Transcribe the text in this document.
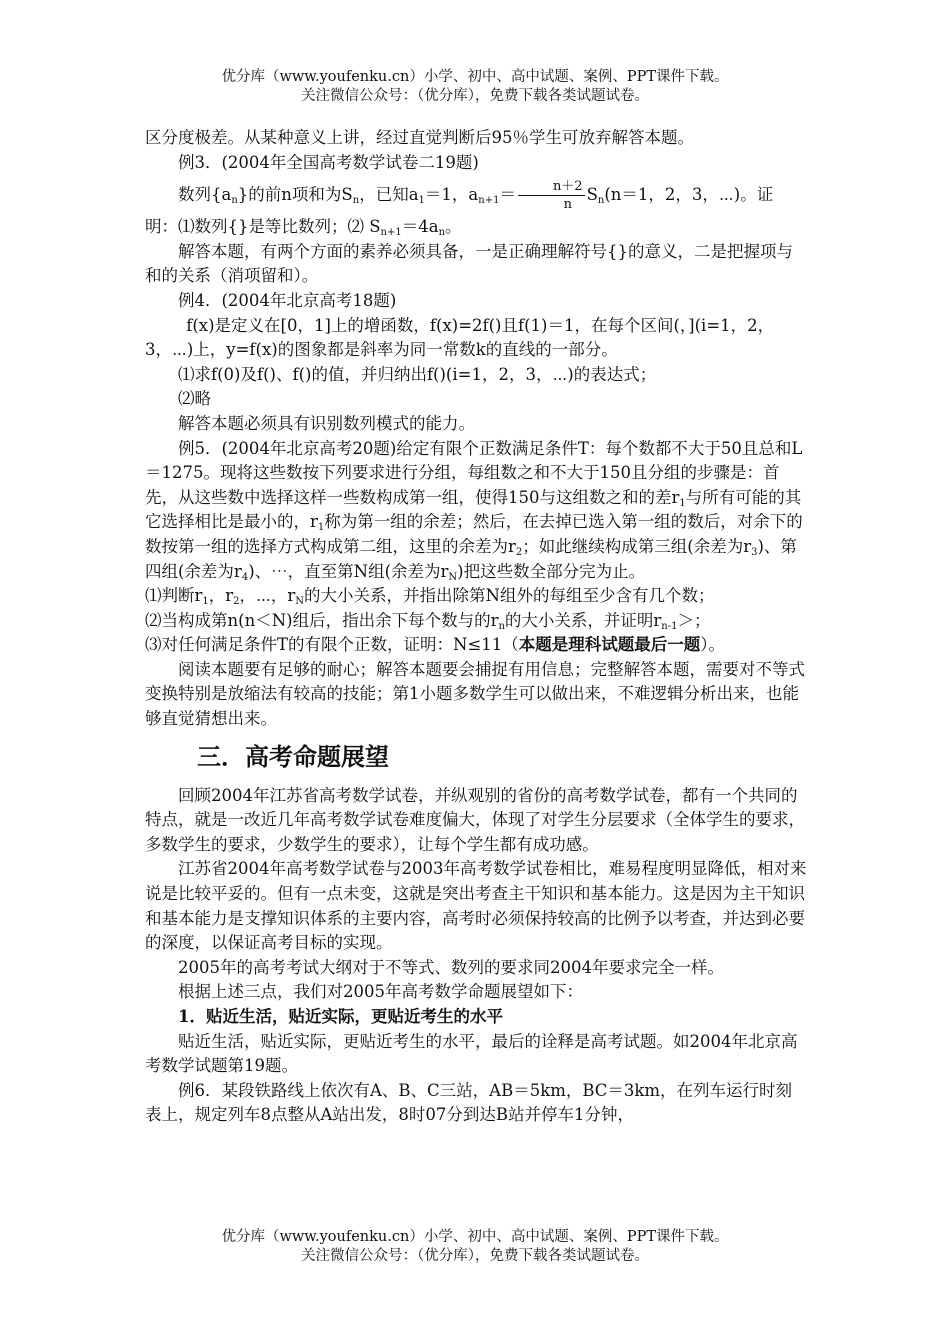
优分库（www.youfenku.cn）小学、初中、高中试题、案例、PPT课件下载。
关注微信公众号：（优分库），免费下载各类试题试卷。

区分度极差。从某种意义上讲，经过直觉判断后95％学生可放弃解答本题。

例3．(2004年全国高考数学试卷二19题)

数列$\{a_n\}$的前n项和为$S_n$，已知$a_1=1$，$a_{n+1}= \frac{n+2}{n} S_n(n=1$，2，3，⋯)。证

明：⑴数列{}是等比数列；⑵ $S_{n+1}=4a_n$。

解答本题，有两个方面的素养必须具备，一是正确理解符号{}的意义，二是把握项与和的关系（消项留和）。

例4．(2004年北京高考18题)

f(x)是定义在[0，1]上的增函数，f(x)=2f()且f(1)＝1，在每个区间(，](i=1，2，3，⋯)上，y=f(x)的图象都是斜率为同一常数k的直线的一部分。

⑴求f(0)及f()、f()的值，并归纳出f()(i=1，2，3，⋯)的表达式；

⑵略

解答本题必须具有识别数列模式的能力。

例5．(2004年北京高考20题)给定有限个正数满足条件T：每个数都不大于50且总和L＝1275。现将这些数按下列要求进行分组，每组数之和不大于150且分组的步骤是：首先，从这些数中选择这样一些数构成第一组，使得150与这组数之和的差$r_1$与所有可能的其它选择相比是最小的，$r_1$称为第一组的余差；然后，在去掉已选入第一组的数后，对余下的数按第一组的选择方式构成第二组，这里的余差为$r_2$；如此继续构成第三组(余差为$r_3$)、第四组(余差为$r_4$)、⋯，直至第N组(余差为$r_N$)把这些数全部分完为止。

⑴判断$r_1$，$r_2$，⋯，$r_N$的大小关系，并指出除第N组外的每组至少含有几个数；

⑵当构成第n(n＜N)组后，指出余下每个数与的$r_n$的大小关系，并证明$r_{n-1}>$；

⑶对任何满足条件T的有限个正数，证明：N≤11（本题是理科试题最后一题）。

阅读本题要有足够的耐心；解答本题要会捕捉有用信息；完整解答本题，需要对不等式变换特别是放缩法有较高的技能；第1小题多数学生可以做出来，不难逻辑分析出来，也能够直觉猜想出来。

三．高考命题展望

回顾2004年江苏省高考数学试卷，并纵观别的省份的高考数学试卷，都有一个共同的特点，就是一改近几年高考数学试卷难度偏大，体现了对学生分层要求（全体学生的要求，多数学生的要求，少数学生的要求），让每个学生都有成功感。

江苏省2004年高考数学试卷与2003年高考数学试卷相比，难易程度明显降低，相对来说是比较平妥的。但有一点未变，这就是突出考查主干知识和基本能力。这是因为主干知识和基本能力是支撑知识体系的主要内容，高考时必须保持较高的比例予以考查，并达到必要的深度，以保证高考目标的实现。

2005年的高考考试大纲对于不等式、数列的要求同2004年要求完全一样。

根据上述三点，我们对2005年高考数学命题展望如下：

1．贴近生活，贴近实际，更贴近考生的水平

贴近生活，贴近实际，更贴近考生的水平，最后的诠释是高考试题。如2004年北京高考数学试题第19题。

例6．某段铁路线上依次有A、B、C三站，AB＝5km，BC＝3km，在列车运行时刻表上，规定列车8点整从A站出发，8时07分到达B站并停车1分钟，

优分库（www.youfenku.cn）小学、初中、高中试题、案例、PPT课件下载。
关注微信公众号：（优分库），免费下载各类试题试卷。
